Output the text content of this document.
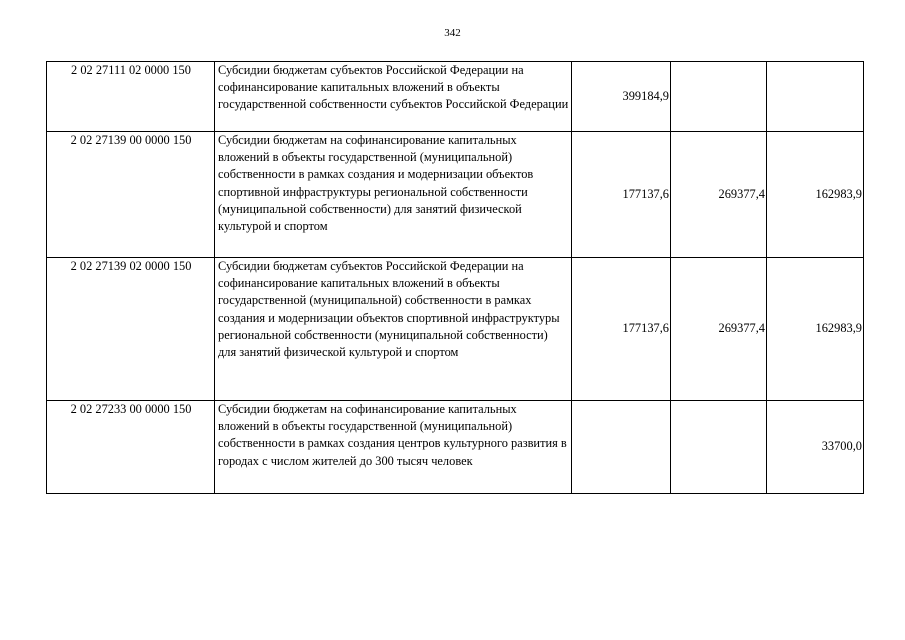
342
2 02 27111 02 0000 150	Субсидии бюджетам субъектов Российской Федерации на софинансирование капитальных вложений в объекты государственной собственности субъектов Российской Федерации	399184,9		
2 02 27139 00 0000 150	Субсидии бюджетам на софинансирование капитальных вложений в объекты государственной (муниципальной) собственности в рамках создания и модернизации объектов спортивной инфраструктуры региональной собственности (муниципальной собственности) для занятий физической культурой и спортом	177137,6	269377,4	162983,9
2 02 27139 02 0000 150	Субсидии бюджетам субъектов Российской Федерации на софинансирование капитальных вложений в объекты государственной (муниципальной) собственности в рамках создания и модернизации объектов спортивной инфраструктуры региональной собственности (муниципальной собственности) для занятий физической культурой и спортом	177137,6	269377,4	162983,9
2 02 27233 00 0000 150	Субсидии бюджетам на софинансирование капитальных вложений в объекты государственной (муниципальной) собственности в рамках создания центров культурного развития в городах с числом жителей до 300 тысяч человек			33700,0
